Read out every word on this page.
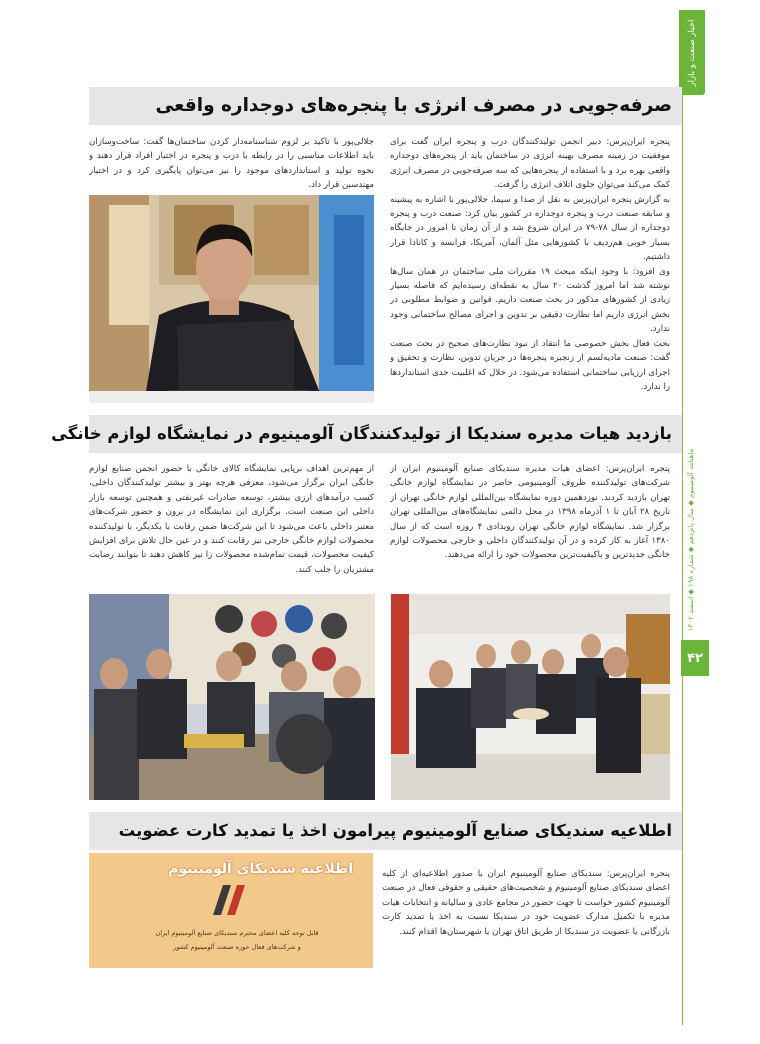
اخبار صنعت و بازار
ماهنامه آلومینیوم ◆ سال پانزدهم ◆ شماره ۱۹۸ ◆ اسفند ۱۴۰۲
۴۲
صرفه‌جویی در مصرف انرژی با پنجره‌های دوجداره واقعی

پنجره ایران‌پرس: دبیر انجمن تولیدکنندگان درب و پنجره ایران گفت برای موفقیت در زمینه مصرف بهینه انرژی در ساختمان باید از پنجره‌های دوجداره واقعی بهره برد و با استفاده از پنجره‌هایی که سه صرفه‌جویی در مصرف انرژی کمک می‌کند می‌توان جلوی اتلاف انرژی را گرفت.

به گزارش پنجره ایران‌پرس به نقل از صدا و سیما، جلالی‌پور با اشاره به پیشینه و سابقه صنعت درب و پنجره دوجداره در کشور بیان کرد: صنعت درب و پنجره دوجداره از سال ۷۸-۷۹ در ایران شروع شد و از آن زمان تا امروز در جایگاه بسیار خوبی هم‌ردیف با کشورهایی مثل آلمان، آمریکا، فرانسه و کانادا قرار داشتیم.

وی افزود: با وجود اینکه مبحث ۱۹ مقررات ملی ساختمان در همان سال‌ها نوشته شد اما امروز گذشت ۲۰ سال به نقطه‌ای رسیده‌ایم که فاصله بسیار زیادی از کشورهای مذکور در بحث صنعت داریم. قوانین و ضوابط مطلوبی در بخش انرژی داریم اما نظارت دقیقی بر تدوین و اجرای مصالح ساختمانی وجود ندارد.

بحث فعال بخش خصوصی ما انتقاد از نبود نظارت‌های صحیح در بحث صنعت گفت: صنعت مادیه‌لسم از زنجیره پنجره‌ها در جریان تدوین، نظارت و تحقیق و اجرای ارزیابی ساختمانی استفاده می‌شود. در خلال که اغلبیت جدی استانداردها را ندارد.

جلالی‌پور با تاکید بر لزوم شناسنامه‌دار کردن ساختمان‌ها گفت: ساخت‌وسازان باید اطلاعات مناسبی را در رابطه با درب و پنجره در اختیار افراد قرار دهند و نحوه تولید و استانداردهای موجود را نیز می‌توان پایگیری کرد و در اختیار مهندسین قرار داد.

بازدید هیات مدیره سندیکا از تولیدکنندگان آلومینیوم در نمایشگاه لوازم خانگی

پنجره ایران‌پرس: اعضای هیات مدیره سندیکای صنایع آلومینیوم ایران از شرکت‌های تولیدکننده ظروف آلومینیومی حاضر در نمایشگاه لوازم خانگی تهران بازدید کردند. نوزدهمین دوره نمایشگاه بین‌المللی لوازم خانگی تهران از تاریخ ۲۸ آبان تا ۱ آذرماه ۱۳۹۸ در محل دائمی نمایشگاه‌های بین‌المللی تهران برگزار شد. نمایشگاه لوازم خانگی تهران رویدادی ۴ روزه است که از سال ۱۳۸۰ آغاز به کار کرده و در آن تولیدکنندگان داخلی و خارجی محصولات لوازم خانگی جدیدترین و باکیفیت‌ترین محصولات خود را ارائه می‌دهند.

از مهم‌ترین اهداف برپایی نمایشگاه کالای خانگی با حضور انجمن صنایع لوازم خانگی ایران برگزار می‌شود، معرفی هرچه بهتر و بیشتر تولیدکنندگان داخلی، کسب درآمدهای ارزی بیشتر، توسعه صادرات غیرنفتی و همچنین توسعه بازار داخلی این صنعت است. برگزاری این نمایشگاه در برون و حضور شرکت‌های معتبر داخلی باعث می‌شود تا این شرکت‌ها ضمن رقابت با یکدیگر، با تولیدکننده محصولات لوازم خانگی خارجی نیز رقابت کنند و در عین حال تلاش برای افزایش کیفیت محصولات، قیمت تمام‌شده محصولات را نیز کاهش دهند تا بتوانند رضایت مشتریان را جلب کنند.

اطلاعیه سندیکای صنایع آلومینیوم پیرامون اخذ یا تمدید کارت عضویت

پنجره ایران‌پرس: سندیکای صنایع آلومینیوم ایران با صدور اطلاعیه‌ای از کلیه اعضای سندیکای صنایع آلومینیوم و شخصیت‌های حقیقی و حقوقی فعال در صنعت آلومینیوم کشور خواست تا جهت حضور در مجامع عادی و سالیانه و انتخابات هیات مدیره با تکمیل مدارک عضویت خود در سندیکا نسبت به اخذ یا تمدید کارت بازرگانی یا عضویت در سندیکا از طریق اتاق تهران یا شهرستان‌ها اقدام کنند.

اطلاعیه سندیکای آلومینیوم
قابل توجه کلیه اعضای محترم سندیکای صنایع آلومینیوم ایران
و شرکت‌های فعال حوزه صنعت آلومینیوم کشور
